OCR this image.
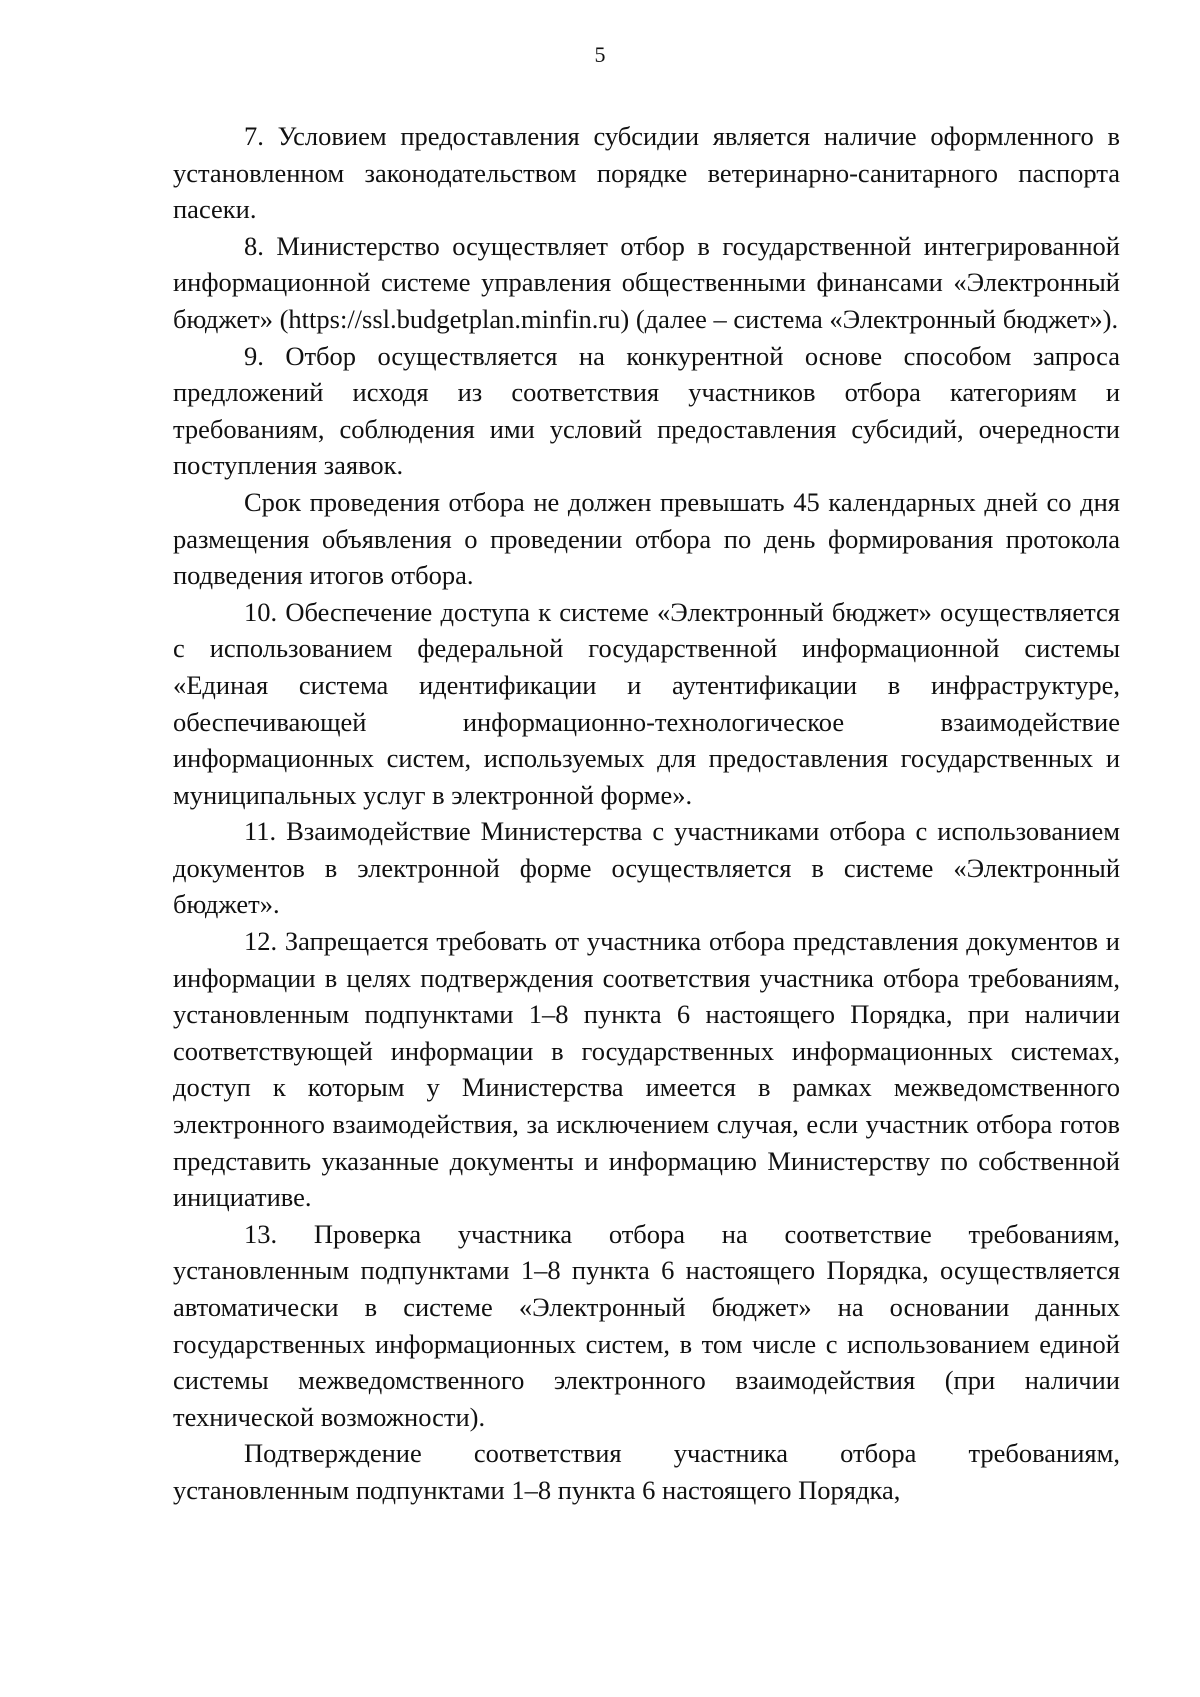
5

7. Условием предоставления субсидии является наличие оформленного в установленном законодательством порядке ветеринарно-санитарного паспорта пасеки.

8. Министерство осуществляет отбор в государственной интегрированной информационной системе управления общественными финансами «Электронный бюджет» (https://ssl.budgetplan.minfin.ru) (далее – система «Электронный бюджет»).

9. Отбор осуществляется на конкурентной основе способом запроса предложений исходя из соответствия участников отбора категориям и требованиям, соблюдения ими условий предоставления субсидий, очередности поступления заявок.

Срок проведения отбора не должен превышать 45 календарных дней со дня размещения объявления о проведении отбора по день формирования протокола подведения итогов отбора.

10. Обеспечение доступа к системе «Электронный бюджет» осуществляется с использованием федеральной государственной информационной системы «Единая система идентификации и аутентификации в инфраструктуре, обеспечивающей информационно-технологическое взаимодействие информационных систем, используемых для предоставления государственных и муниципальных услуг в электронной форме».

11. Взаимодействие Министерства с участниками отбора с использованием документов в электронной форме осуществляется в системе «Электронный бюджет».

12. Запрещается требовать от участника отбора представления документов и информации в целях подтверждения соответствия участника отбора требованиям, установленным подпунктами 1–8 пункта 6 настоящего Порядка, при наличии соответствующей информации в государственных информационных системах, доступ к которым у Министерства имеется в рамках межведомственного электронного взаимодействия, за исключением случая, если участник отбора готов представить указанные документы и информацию Министерству по собственной инициативе.

13. Проверка участника отбора на соответствие требованиям, установленным подпунктами 1–8 пункта 6 настоящего Порядка, осуществляется автоматически в системе «Электронный бюджет» на основании данных государственных информационных систем, в том числе с использованием единой системы межведомственного электронного взаимодействия (при наличии технической возможности).

Подтверждение соответствия участника отбора требованиям, установленным подпунктами 1–8 пункта 6 настоящего Порядка,
